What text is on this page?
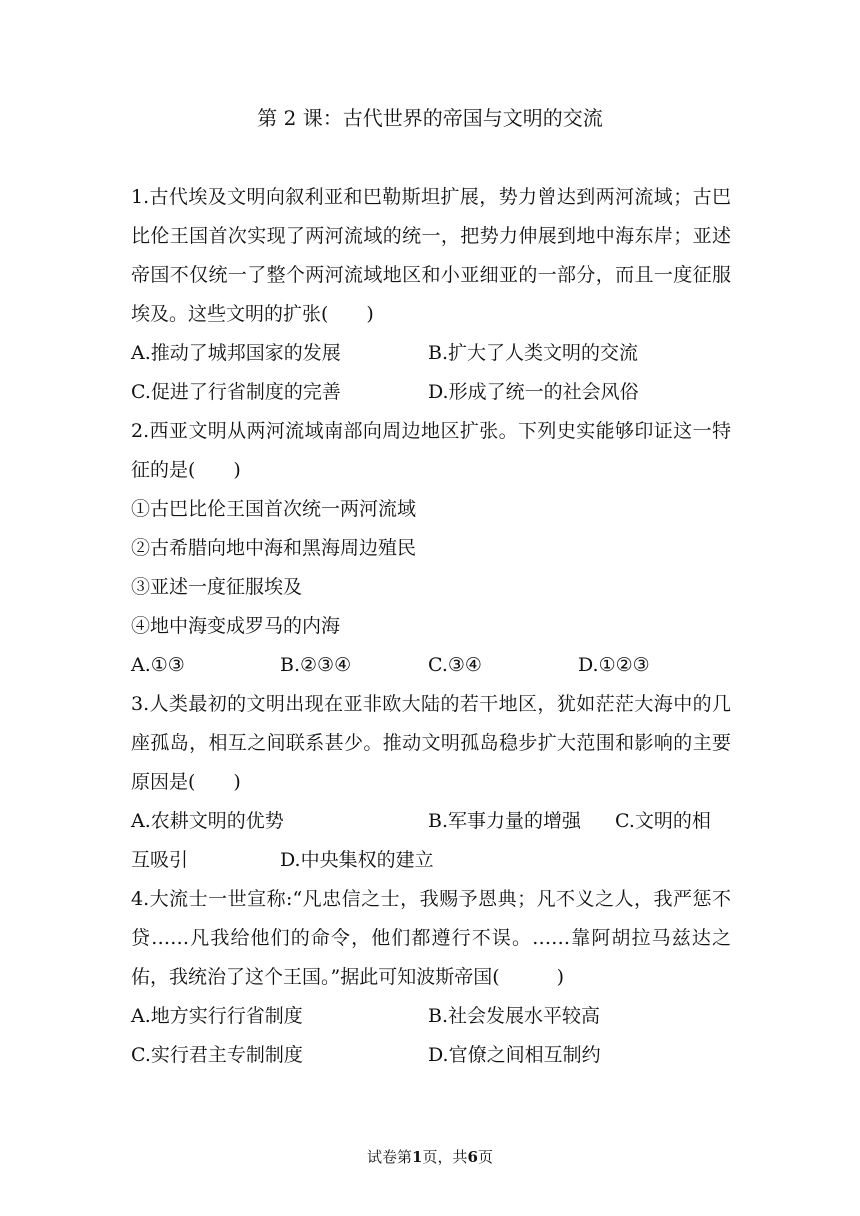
第 2 课：古代世界的帝国与文明的交流
1.古代埃及文明向叙利亚和巴勒斯坦扩展，势力曾达到两河流域；古巴比伦王国首次实现了两河流域的统一，把势力伸展到地中海东岸；亚述帝国不仅统一了整个两河流域地区和小亚细亚的一部分，而且一度征服埃及。这些文明的扩张(　　)
A.推动了城邦国家的发展	B.扩大了人类文明的交流
C.促进了行省制度的完善	D.形成了统一的社会风俗
2.西亚文明从两河流域南部向周边地区扩张。下列史实能够印证这一特征的是(　　)
①古巴比伦王国首次统一两河流域
②古希腊向地中海和黑海周边殖民
③亚述一度征服埃及
④地中海变成罗马的内海
A.①③	B.②③④	C.③④	D.①②③
3.人类最初的文明出现在亚非欧大陆的若干地区，犹如茫茫大海中的几座孤岛，相互之间联系甚少。推动文明孤岛稳步扩大范围和影响的主要原因是(　　)
A.农耕文明的优势	B.军事力量的增强 C.文明的相
互吸引	D.中央集权的建立
4.大流士一世宣称:“凡忠信之士，我赐予恩典；凡不义之人，我严惩不贷……凡我给他们的命令，他们都遵行不误。……靠阿胡拉马兹达之佑，我统治了这个王国。”据此可知波斯帝国(　　　)
A.地方实行行省制度	B.社会发展水平较高
C.实行君主专制制度	D.官僚之间相互制约
试卷第1页，共6页
